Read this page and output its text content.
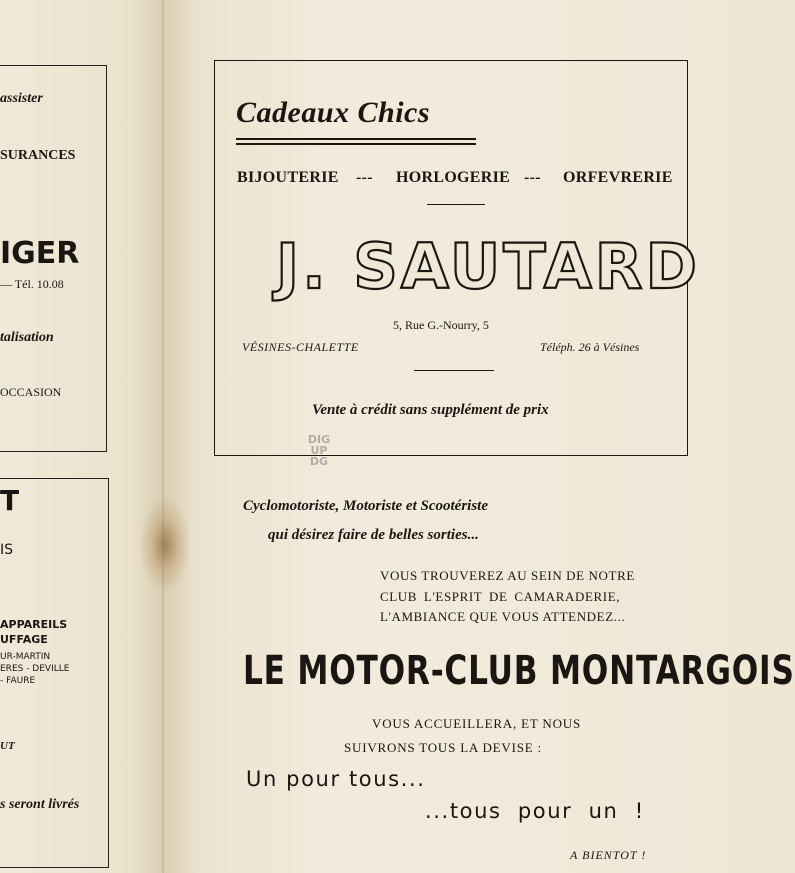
assister
SURANCES
IGER
— Tél. 10.08
talisation
OCCASION
T
IS
APPAREILS
UFFAGE
UR-MARTIN
ERES - DEVILLE
- FAURE
UT
s seront livrés
Cadeaux Chics
BIJOUTERIE --- HORLOGERIE --- ORFEVRERIE
J. SAUTARD
5, Rue G.-Nourry, 5
VÉSINES-CHALETTE	Téléph. 26 à Vésines
Vente à crédit sans supplément de prix
DIG
UP
DG
Cyclomotoriste, Motoriste et Scootériste
qui désirez faire de belles sorties...
VOUS TROUVEREZ AU SEIN DE NOTRE
CLUB L'ESPRIT DE CAMARADERIE,
L'AMBIANCE QUE VOUS ATTENDEZ...
LE MOTOR-CLUB MONTARGOIS
VOUS ACCUEILLERA, ET NOUS
SUIVRONS TOUS LA DEVISE :
Un pour tous...
...tous pour un !
A BIENTOT !
